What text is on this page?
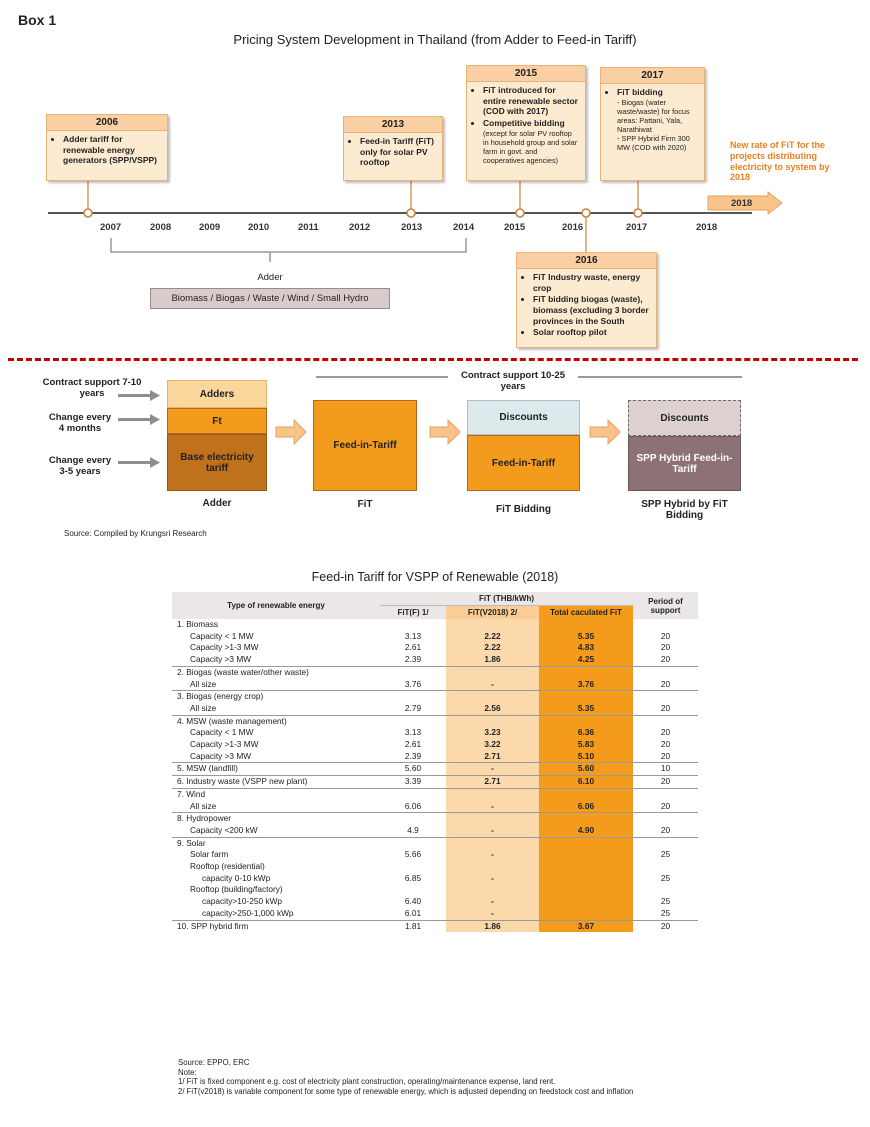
Box 1
Pricing System Development in Thailand (from Adder to Feed-in Tariff)
2007	2008	2009	2010	2011	2012	2013	2014	2015	2016	2017	2018
2018
2006
• Adder tariff for renewable energy generators (SPP/VSPP)
2013
• Feed-in Tariff (FiT) only for solar PV rooftop
2015
• FiT introduced for entire renewable sector (COD with 2017)
• Competitive bidding
(except for solar PV rooftop in household group and solar farm in govt. and cooperatives agencies)
2017
• FiT bidding
- Biogas (water waste/waste) for focus areas: Pattani, Yala, Narathiwat
- SPP Hybrid Firm 300 MW (COD with 2020)
2016
• FiT Industry waste, energy crop
• FiT bidding biogas (waste), biomass (excluding 3 border provinces in the South
• Solar rooftop pilot
New rate of FiT for the projects distributing electricity to system by 2018
Adder
Biomass / Biogas / Waste / Wind / Small Hydro
Contract support 7-10 years
Change every 4 months
Change every 3-5 years
Contract support 10-25 years
Adders
Ft
Base electricity tariff
Adder
Feed-in-Tariff
FiT
Discounts
Feed-in-Tariff
FiT Bidding
Discounts
SPP Hybrid Feed-in-Tariff
SPP Hybrid by FiT Bidding
Source: Compiled by Krungsri Research
Feed-in Tariff for VSPP of Renewable (2018)
Type of renewable energy	FiT (THB/kWh)			Period of support
	FiT(F) 1/	FiT(V2018) 2/	Total caculated FiT	
1. Biomass				
Capacity < 1 MW	3.13	2.22	5.35	20
Capacity >1-3 MW	2.61	2.22	4.83	20
Capacity >3 MW	2.39	1.86	4.25	20
2. Biogas (waste water/other waste)				
All size	3.76	-	3.76	20
3. Biogas (energy crop)				
All size	2.79	2.56	5.35	20
4. MSW (waste management)				
Capacity < 1 MW	3.13	3.23	6.36	20
Capacity >1-3 MW	2.61	3.22	5.83	20
Capacity >3 MW	2.39	2.71	5.10	20
5. MSW (landfill)	5.60	-	5.60	10
6. Industry waste (VSPP new plant)	3.39	2.71	6.10	20
7. Wind				
All size	6.06	-	6.06	20
8. Hydropower				
Capacity <200 kW	4.9	-	4.90	20
9. Solar				
Solar farm	5.66	-		25
Rooftop (residential)				
capacity 0-10 kWp	6.85	-		25
Rooftop (building/factory)				
capacity>10-250 kWp	6.40	-		25
capacity>250-1,000 kWp	6.01	-		25
10. SPP hybrid firm	1.81	1.86	3.67	20
Source: EPPO, ERC
Note:
1/ FiT is fixed component e.g. cost of electricity plant construction, operating/maintenance expense, land rent.
2/ FiT(v2018) is variable component for some type of renewable energy, which is adjusted depending on feedstock cost and inflation
